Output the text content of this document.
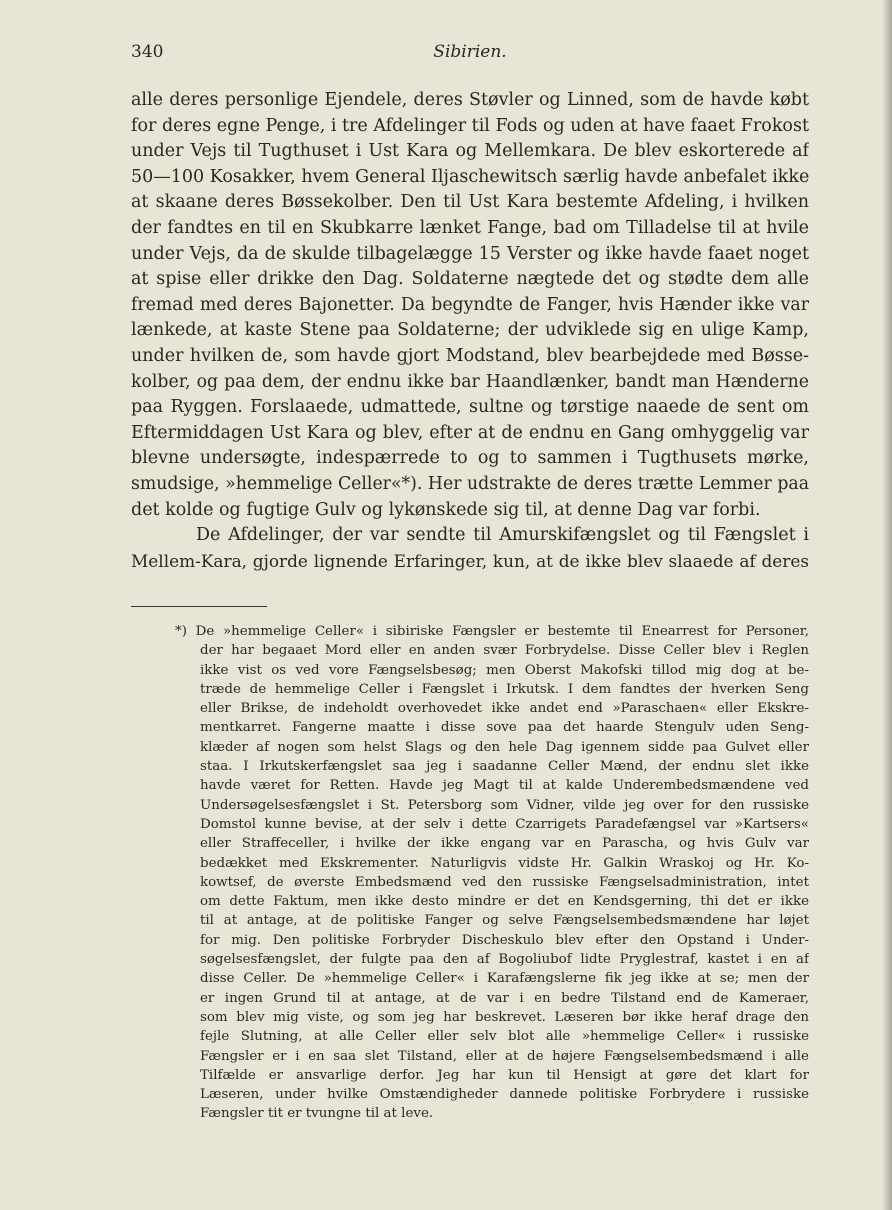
340	Sibirien.
alle deres personlige Ejendele, deres Støvler og Linned, som de havde købt
for deres egne Penge, i tre Afdelinger til Fods og uden at have faaet Frokost
under Vejs til Tugthuset i Ust Kara og Mellemkara. De blev eskorterede af
50—100 Kosakker, hvem General Iljaschewitsch særlig havde anbefalet ikke
at skaane deres Bøssekolber. Den til Ust Kara bestemte Afdeling, i hvilken
der fandtes en til en Skubkarre lænket Fange, bad om Tilladelse til at hvile
under Vejs, da de skulde tilbagelægge 15 Verster og ikke havde faaet noget
at spise eller drikke den Dag. Soldaterne nægtede det og stødte dem alle
fremad med deres Bajonetter. Da begyndte de Fanger, hvis Hænder ikke var
lænkede, at kaste Stene paa Soldaterne; der udviklede sig en ulige Kamp,
under hvilken de, som havde gjort Modstand, blev bearbejdede med Bøsse-
kolber, og paa dem, der endnu ikke bar Haandlænker, bandt man Hænderne
paa Ryggen. Forslaaede, udmattede, sultne og tørstige naaede de sent om
Eftermiddagen Ust Kara og blev, efter at de endnu en Gang omhyggelig var
blevne undersøgte, indespærrede to og to sammen i Tugthusets mørke,
smudsige, »hemmelige Celler«*). Her udstrakte de deres trætte Lemmer paa
det kolde og fugtige Gulv og lykønskede sig til, at denne Dag var forbi.
De Afdelinger, der var sendte til Amurskifængslet og til Fængslet i
Mellem-Kara, gjorde lignende Erfaringer, kun, at de ikke blev slaaede af deres
*) De »hemmelige Celler« i sibiriske Fængsler er bestemte til Enearrest for Personer,
der har begaaet Mord eller en anden svær Forbrydelse. Disse Celler blev i Reglen
ikke vist os ved vore Fængselsbesøg; men Oberst Makofski tillod mig dog at be-
træde de hemmelige Celler i Fængslet i Irkutsk. I dem fandtes der hverken Seng
eller Brikse, de indeholdt overhovedet ikke andet end »Paraschaen« eller Ekskre-
mentkarret. Fangerne maatte i disse sove paa det haarde Stengulv uden Seng-
klæder af nogen som helst Slags og den hele Dag igennem sidde paa Gulvet eller
staa. I Irkutskerfængslet saa jeg i saadanne Celler Mænd, der endnu slet ikke
havde været for Retten. Havde jeg Magt til at kalde Underembedsmændene ved
Undersøgelsesfængslet i St. Petersborg som Vidner, vilde jeg over for den russiske
Domstol kunne bevise, at der selv i dette Czarrigets Paradefængsel var »Kartsers«
eller Straffeceller, i hvilke der ikke engang var en Parascha, og hvis Gulv var
bedækket med Ekskrementer. Naturligvis vidste Hr. Galkin Wraskoj og Hr. Ko-
kowtsef, de øverste Embedsmænd ved den russiske Fængselsadministration, intet
om dette Faktum, men ikke desto mindre er det en Kendsgerning, thi det er ikke
til at antage, at de politiske Fanger og selve Fængselsembedsmændene har løjet
for mig. Den politiske Forbryder Discheskulo blev efter den Opstand i Under-
søgelsesfængslet, der fulgte paa den af Bogoliubof lidte Pryglestraf, kastet i en af
disse Celler. De »hemmelige Celler« i Karafængslerne fik jeg ikke at se; men der
er ingen Grund til at antage, at de var i en bedre Tilstand end de Kameraer,
som blev mig viste, og som jeg har beskrevet. Læseren bør ikke heraf drage den
fejle Slutning, at alle Celler eller selv blot alle »hemmelige Celler« i russiske
Fængsler er i en saa slet Tilstand, eller at de højere Fængselsembedsmænd i alle
Tilfælde er ansvarlige derfor. Jeg har kun til Hensigt at gøre det klart for
Læseren, under hvilke Omstændigheder dannede politiske Forbrydere i russiske
Fængsler tit er tvungne til at leve.
